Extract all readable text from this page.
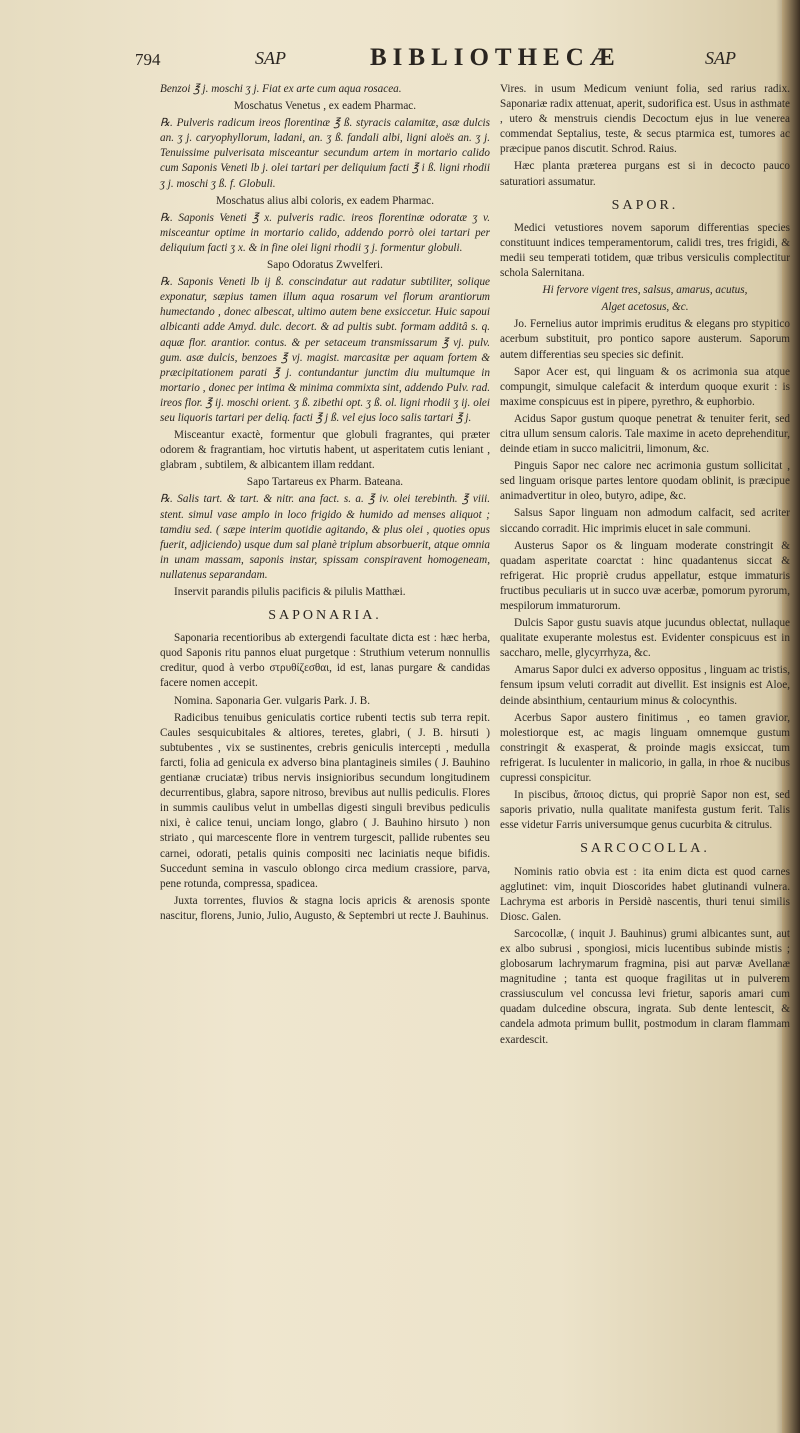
794	SAP	BIBLIOTHECÆ	SAP

Benzoi ℥ j. moschi ʒ j. Fiat ex arte cum aqua rosacea.

Moschatus Venetus , ex eadem Pharmac.

℞. Pulveris radicum ireos florentinæ ℥ ß. styracis calamitæ, asæ dulcis an. ʒ j. caryophyllorum, ladani, an. ʒ ß. fandali albi, ligni aloës an. ʒ j. Tenuissime pulverisata misceantur secundum artem in mortario calido cum Saponis Veneti lb j. olei tartari per deliquium facti ℥ i ß. ligni rhodii ʒ j. moschi ʒ ß. f. Globuli.

Moschatus alius albi coloris, ex eadem Pharmac.

℞. Saponis Veneti ℥ x. pulveris radic. ireos florentinæ odoratæ ʒ v. misceantur optime in mortario calido, addendo porrò olei tartari per deliquium facti ʒ x. & in fine olei ligni rhodii ʒ j. formentur globuli.

Sapo Odoratus Zwvelferi.

℞. Saponis Veneti lb ij ß. conscindatur aut radatur subtiliter, soliquе exponatur, sæpius tamen illum aqua rosarum vel florum arantiorum humectando , donec albescat, ultimo autem bene exsiccetur. Huic sapoui albicanti adde Amyd. dulc. decort. & ad pultis subt. formam additâ s. q. aquæ flor. arantior. contus. & per setaceum transmissarum ℥ vj. pulv. gum. asæ dulcis, benzoes ℥ vj. magist. marcasitæ per aquam fortem & præcipitationem parati ℥ j. contundantur junctim diu multumque in mortario , donec per intima & minima commixta sint, addendo Pulv. rad. ireos flor. ℥ ij. moschi orient. ʒ ß. zibethi opt. ʒ ß. ol. ligni rhodii ʒ ij. olei seu liquoris tartari per deliq. facti ℥ j ß. vel ejus loco salis tartari ℥ j.

Misceantur exactè, formentur que globuli fragrantes, qui præter odorem & fragrantiam, hoc virtutis habent, ut asperitatem cutis leniant , glabram , subtilem, & albicantem illam reddant.

Sapo Tartareus ex Pharm. Bateana.

℞. Salis tart. & tart. & nitr. ana fact. s. a. ℥ iv. olei terebinth. ℥ viii. stent. simul vase amplo in loco frigido & humido ad menses aliquot ; tamdiu sed. ( sæpe interim quotidie agitando, & plus olei , quoties opus fuerit, adjiciendo) usque dum sal planè triplum absorbuerit, atque omnia in unam massam, saponis instar, spissam conspiravent homogeneam, nullatenus separandam.

Inservit parandis pilulis pacificis & pilulis Matthæi.

SAPONARIA.

Saponaria recentioribus ab extergendi facultate dicta est : hæc herba, quod Saponis ritu pannos eluat purgetque : Struthium veterum nonnullis creditur, quod à verbo στρυθίζεσθαι, id est, lanas purgare & candidas facere nomen accepit.

Nomina. Saponaria Ger. vulgaris Park. J. B.

Radicibus tenuibus geniculatis cortice rubenti tectis sub terra repit. Caules sesquicubitales & altiores, teretes, glabri, ( J. B. hirsuti ) subtubentes , vix se sustinentes, crebris geniculis intercepti , medulla farcti, folia ad genicula ex adverso bina plantagineis similes ( J. Bauhino gentianæ cruciatæ) tribus nervis insignioribus secundum longitudinem decurrentibus, glabra, sapore nitroso, brevibus aut nullis pediculis. Flores in summis caulibus velut in umbellas digesti singuli brevibus pediculis nixi, è calice tenui, unciam longo, glabro ( J. Bauhino hirsuto ) non striato , qui marcescente flore in ventrem turgescit, pallide rubentes seu carnei, odorati, petalis quinis compositi nec laciniatis neque bifidis. Succedunt semina in vasculo oblongo circa medium crassiore, parva, pene rotunda, compressa, spadicea.

Juxta torrentes, fluvios & stagna locis apricis & arenosis sponte nascitur, florens, Junio, Julio, Augusto, & Septembri ut recte J. Bauhinus.

Vires. in usum Medicum veniunt folia, sed rarius radix. Saponariæ radix attenuat, aperit, sudorifica est. Usus in asthmate , utero & menstruis ciendis Decoctum ejus in lue venerea commendat Septalius, teste, & secus ptarmica est, tumores ac præcipue panos discutit. Schrod. Raius.

Hæc planta præterea purgans est si in decocto pauco saturatiori assumatur.

SAPOR.

Medici vetustiores novem saporum differentias species constituunt indices temperamentorum, calidi tres, tres frigidi, & medii seu temperati totidem, quæ tribus versiculis complectitur schola Salernitana.

Hi fervore vigent tres, salsus, amarus, acutus,

Alget acetosus, &c.

Jo. Fernelius autor imprimis eruditus & elegans pro stypitico acerbum substituit, pro pontico sapore austerum. Saporum autem differentias seu species sic definit.

Sapor Acer est, qui linguam & os acrimonia sua atque compungit, simulque calefacit & interdum quoque exurit : is maxime conspicuus est in pipere, pyrethro, & euphorbio.

Acidus Sapor gustum quoque penetrat & tenuiter ferit, sed citra ullum sensum caloris. Tale maxime in aceto deprehenditur, deinde etiam in succo malicitrii, limonum, &c.

Pinguis Sapor nec calore nec acrimonia gustum sollicitat , sed linguam orisque partes lentore quodam oblinit, is præcipue animadvertitur in oleo, butyro, adipe, &c.

Salsus Sapor linguam non admodum calfacit, sed acriter siccando corradit. Hic imprimis elucet in sale communi.

Austerus Sapor os & linguam moderate constringit & quadam asperitate coarctat : hinc quadantenus siccat & refrigerat. Hic propriè crudus appellatur, estque immaturis fructibus peculiaris ut in succo uvæ acerbæ, pomorum pyrorum, mespilorum immaturorum.

Dulcis Sapor gustu suavis atque jucundus oblectat, nullaque qualitate exuperante molestus est. Evidenter conspicuus est in saccharo, melle, glycyrrhyza, &c.

Amarus Sapor dulci ex adverso oppositus , linguam ac tristis, fensum ipsum veluti corradit aut divellit. Est insignis est Aloe, deinde absinthium, centaurium minus & colocynthis.

Acerbus Sapor austero finitimus , eo tamen gravior, molestiorque est, ac magis linguam omnemque gustum constringit & exasperat, & proinde magis exsiccat, tum refrigerat. Is luculenter in malicorio, in galla, in rhoe & nucibus cupressi conspicitur.

In piscibus, ἄποιος dictus, qui propriè Sapor non est, sed saporis privatio, nulla qualitate manifesta gustum ferit. Talis esse videtur Farris universumque genus cucurbita & citrulus.

SARCOCOLLA.

Nominis ratio obvia est : ita enim dicta est quod carnes agglutinet: vim, inquit Dioscorides habet glutinandi vulnera. Lachryma est arboris in Persidè nascentis, thuri tenui similis Diosc. Galen.

Sarcocollæ, ( inquit J. Bauhinus) grumi albicantes sunt, aut ex albo subrusi , spongiosi, micis lucentibus subinde mistis ; globosarum lachrymarum fragmina, pisi aut parvæ Avellanæ magnitudine ; tanta est quoque fragilitas ut in pulverem crassiusculum vel concussa levi frietur, saporis amari cum quadam dulcedine obscura, ingrata. Sub dente lentescit, & candela admota primum bullit, postmodum in claram flammam exardescit.
